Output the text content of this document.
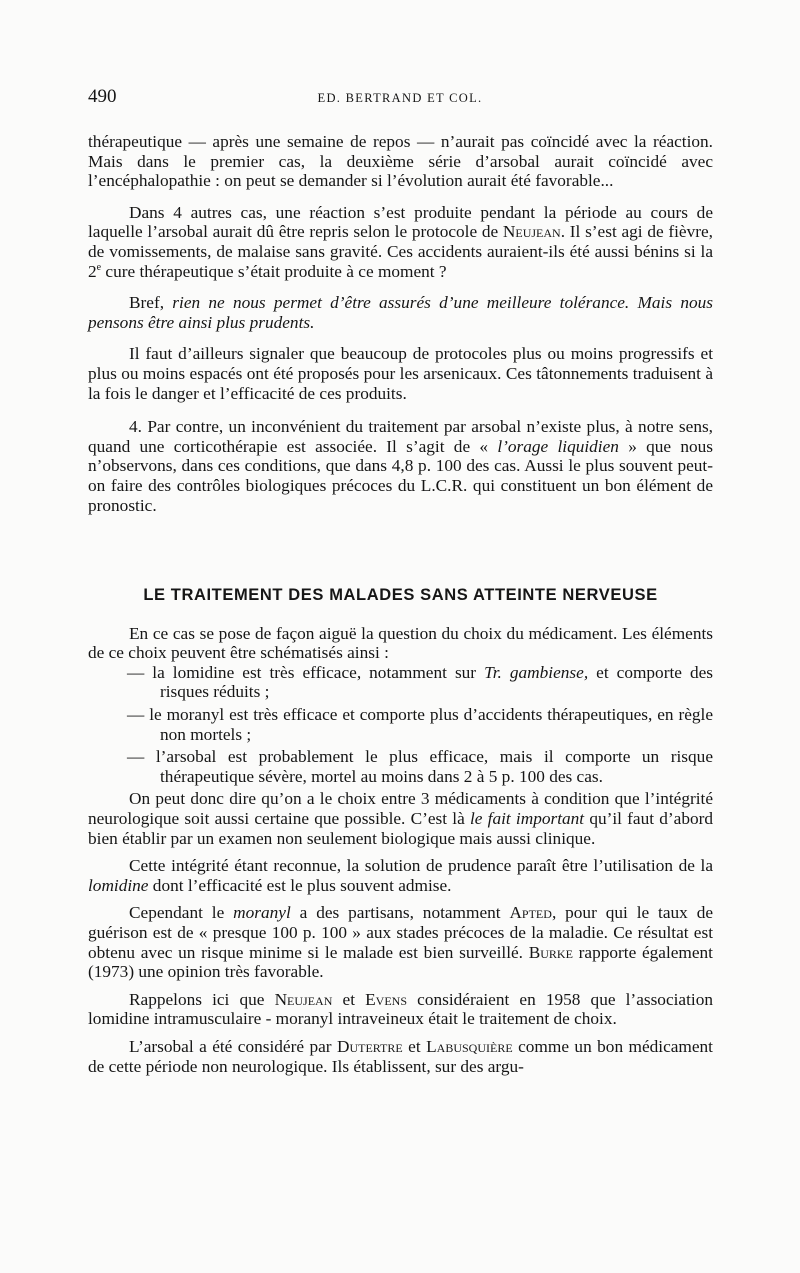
490	ED. BERTRAND ET COL.

thérapeutique — après une semaine de repos — n’aurait pas coïncidé avec la réaction. Mais dans le premier cas, la deuxième série d’arsobal aurait coïncidé avec l’encéphalopathie : on peut se demander si l’évolution aurait été favorable...

Dans 4 autres cas, une réaction s’est produite pendant la période au cours de laquelle l’arsobal aurait dû être repris selon le protocole de Neujean. Il s’est agi de fièvre, de vomissements, de malaise sans gravité. Ces accidents auraient-ils été aussi bénins si la 2e cure thérapeutique s’était produite à ce moment ?

Bref, rien ne nous permet d’être assurés d’une meilleure tolérance. Mais nous pensons être ainsi plus prudents.

Il faut d’ailleurs signaler que beaucoup de protocoles plus ou moins progressifs et plus ou moins espacés ont été proposés pour les arsenicaux. Ces tâtonnements traduisent à la fois le danger et l’efficacité de ces produits.

4. Par contre, un inconvénient du traitement par arsobal n’existe plus, à notre sens, quand une corticothérapie est associée. Il s’agit de « l’orage liquidien » que nous n’observons, dans ces conditions, que dans 4,8 p. 100 des cas. Aussi le plus souvent peut-on faire des contrôles biologiques précoces du L.C.R. qui constituent un bon élément de pronostic.

LE TRAITEMENT DES MALADES SANS ATTEINTE NERVEUSE

En ce cas se pose de façon aiguë la question du choix du médicament. Les éléments de ce choix peuvent être schématisés ainsi :

— la lomidine est très efficace, notamment sur Tr. gambiense, et comporte des risques réduits ;
— le moranyl est très efficace et comporte plus d’accidents thérapeutiques, en règle non mortels ;
— l’arsobal est probablement le plus efficace, mais il comporte un risque thérapeutique sévère, mortel au moins dans 2 à 5 p. 100 des cas.

On peut donc dire qu’on a le choix entre 3 médicaments à condition que l’intégrité neurologique soit aussi certaine que possible. C’est là le fait important qu’il faut d’abord bien établir par un examen non seulement biologique mais aussi clinique.

Cette intégrité étant reconnue, la solution de prudence paraît être l’utilisation de la lomidine dont l’efficacité est le plus souvent admise.

Cependant le moranyl a des partisans, notamment Apted, pour qui le taux de guérison est de « presque 100 p. 100 » aux stades précoces de la maladie. Ce résultat est obtenu avec un risque minime si le malade est bien surveillé. Burke rapporte également (1973) une opinion très favorable.

Rappelons ici que Neujean et Evens considéraient en 1958 que l’association lomidine intramusculaire - moranyl intraveineux était le traitement de choix.

L’arsobal a été considéré par Dutertre et Labusquière comme un bon médicament de cette période non neurologique. Ils établissent, sur des argu-
